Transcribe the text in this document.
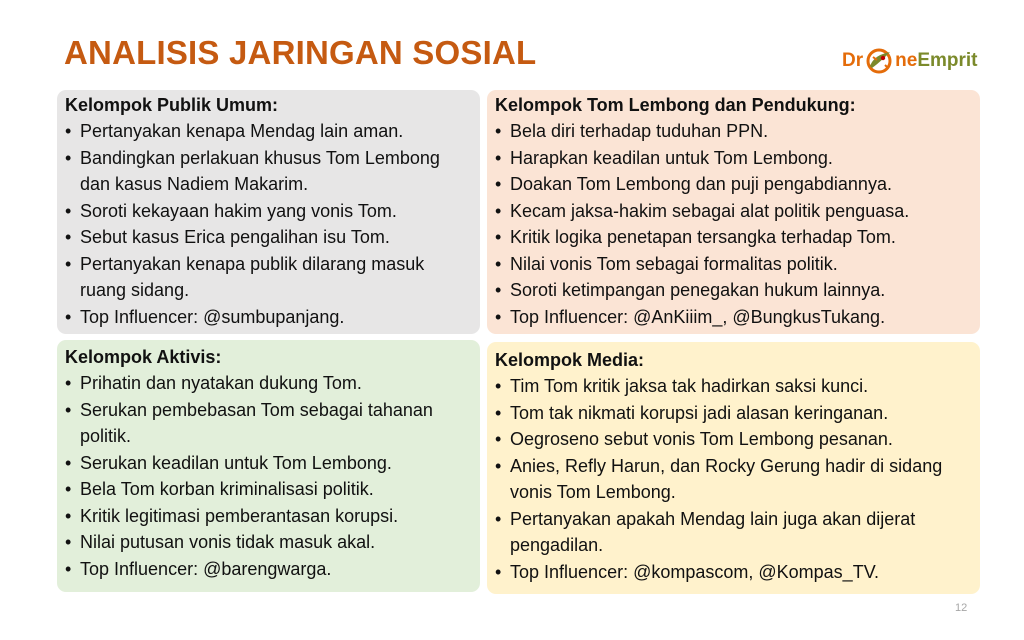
ANALISIS JARINGAN SOSIAL	Dr ne Emprit
Kelompok Publik Umum:
• Pertanyakan kenapa Mendag lain aman.
• Bandingkan perlakuan khusus Tom Lembong dan kasus Nadiem Makarim.
• Soroti kekayaan hakim yang vonis Tom.
• Sebut kasus Erica pengalihan isu Tom.
• Pertanyakan kenapa publik dilarang masuk ruang sidang.
• Top Influencer: @sumbupanjang.
Kelompok Tom Lembong dan Pendukung:
• Bela diri terhadap tuduhan PPN.
• Harapkan keadilan untuk Tom Lembong.
• Doakan Tom Lembong dan puji pengabdiannya.
• Kecam jaksa-hakim sebagai alat politik penguasa.
• Kritik logika penetapan tersangka terhadap Tom.
• Nilai vonis Tom sebagai formalitas politik.
• Soroti ketimpangan penegakan hukum lainnya.
• Top Influencer: @AnKiiim_, @BungkusTukang.
Kelompok Aktivis:
• Prihatin dan nyatakan dukung Tom.
• Serukan pembebasan Tom sebagai tahanan politik.
• Serukan keadilan untuk Tom Lembong.
• Bela Tom korban kriminalisasi politik.
• Kritik legitimasi pemberantasan korupsi.
• Nilai putusan vonis tidak masuk akal.
• Top Influencer: @barengwarga.
Kelompok Media:
• Tim Tom kritik jaksa tak hadirkan saksi kunci.
• Tom tak nikmati korupsi jadi alasan keringanan.
• Oegroseno sebut vonis Tom Lembong pesanan.
• Anies, Refly Harun, dan Rocky Gerung hadir di sidang vonis Tom Lembong.
• Pertanyakan apakah Mendag lain juga akan dijerat pengadilan.
• Top Influencer: @kompascom, @Kompas_TV.
12
